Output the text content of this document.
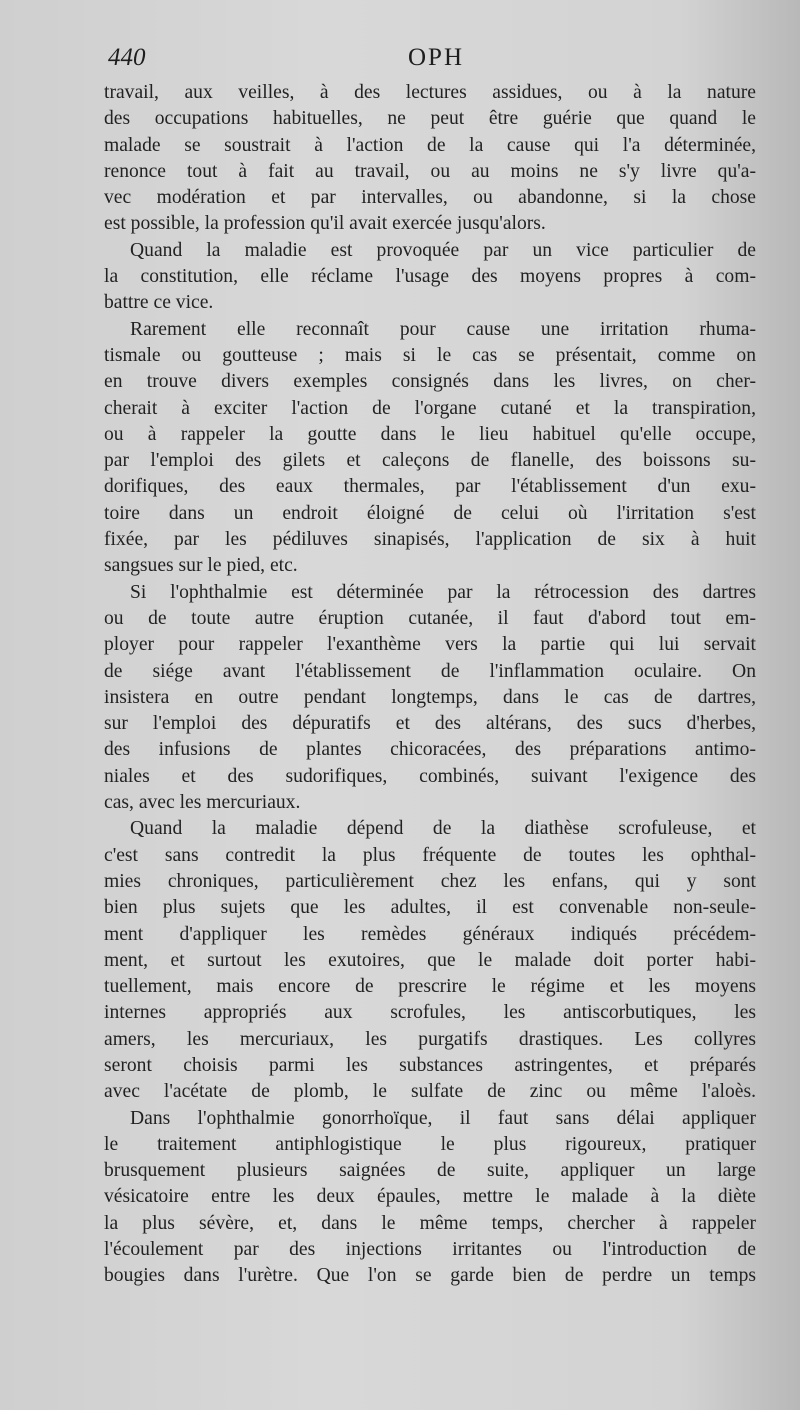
440	OPH
travail, aux veilles, à des lectures assidues, ou à la nature
des occupations habituelles, ne peut être guérie que quand le
malade se soustrait à l'action de la cause qui l'a déterminée,
renonce tout à fait au travail, ou au moins ne s'y livre qu'a-
vec modération et par intervalles, ou abandonne, si la chose
est possible, la profession qu'il avait exercée jusqu'alors.
Quand la maladie est provoquée par un vice particulier de
la constitution, elle réclame l'usage des moyens propres à com-
battre ce vice.
Rarement elle reconnaît pour cause une irritation rhuma-
tismale ou goutteuse ; mais si le cas se présentait, comme on
en trouve divers exemples consignés dans les livres, on cher-
cherait à exciter l'action de l'organe cutané et la transpiration,
ou à rappeler la goutte dans le lieu habituel qu'elle occupe,
par l'emploi des gilets et caleçons de flanelle, des boissons su-
dorifiques, des eaux thermales, par l'établissement d'un exu-
toire dans un endroit éloigné de celui où l'irritation s'est
fixée, par les pédiluves sinapisés, l'application de six à huit
sangsues sur le pied, etc.
Si l'ophthalmie est déterminée par la rétrocession des dartres
ou de toute autre éruption cutanée, il faut d'abord tout em-
ployer pour rappeler l'exanthème vers la partie qui lui servait
de siége avant l'établissement de l'inflammation oculaire. On
insistera en outre pendant longtemps, dans le cas de dartres,
sur l'emploi des dépuratifs et des altérans, des sucs d'herbes,
des infusions de plantes chicoracées, des préparations antimo-
niales et des sudorifiques, combinés, suivant l'exigence des
cas, avec les mercuriaux.
Quand la maladie dépend de la diathèse scrofuleuse, et
c'est sans contredit la plus fréquente de toutes les ophthal-
mies chroniques, particulièrement chez les enfans, qui y sont
bien plus sujets que les adultes, il est convenable non-seule-
ment d'appliquer les remèdes généraux indiqués précédem-
ment, et surtout les exutoires, que le malade doit porter habi-
tuellement, mais encore de prescrire le régime et les moyens
internes appropriés aux scrofules, les antiscorbutiques, les
amers, les mercuriaux, les purgatifs drastiques. Les collyres
seront choisis parmi les substances astringentes, et préparés
avec l'acétate de plomb, le sulfate de zinc ou même l'aloès.
Dans l'ophthalmie gonorrhoïque, il faut sans délai appliquer
le traitement antiphlogistique le plus rigoureux, pratiquer
brusquement plusieurs saignées de suite, appliquer un large
vésicatoire entre les deux épaules, mettre le malade à la diète
la plus sévère, et, dans le même temps, chercher à rappeler
l'écoulement par des injections irritantes ou l'introduction de
bougies dans l'urètre. Que l'on se garde bien de perdre un temps
